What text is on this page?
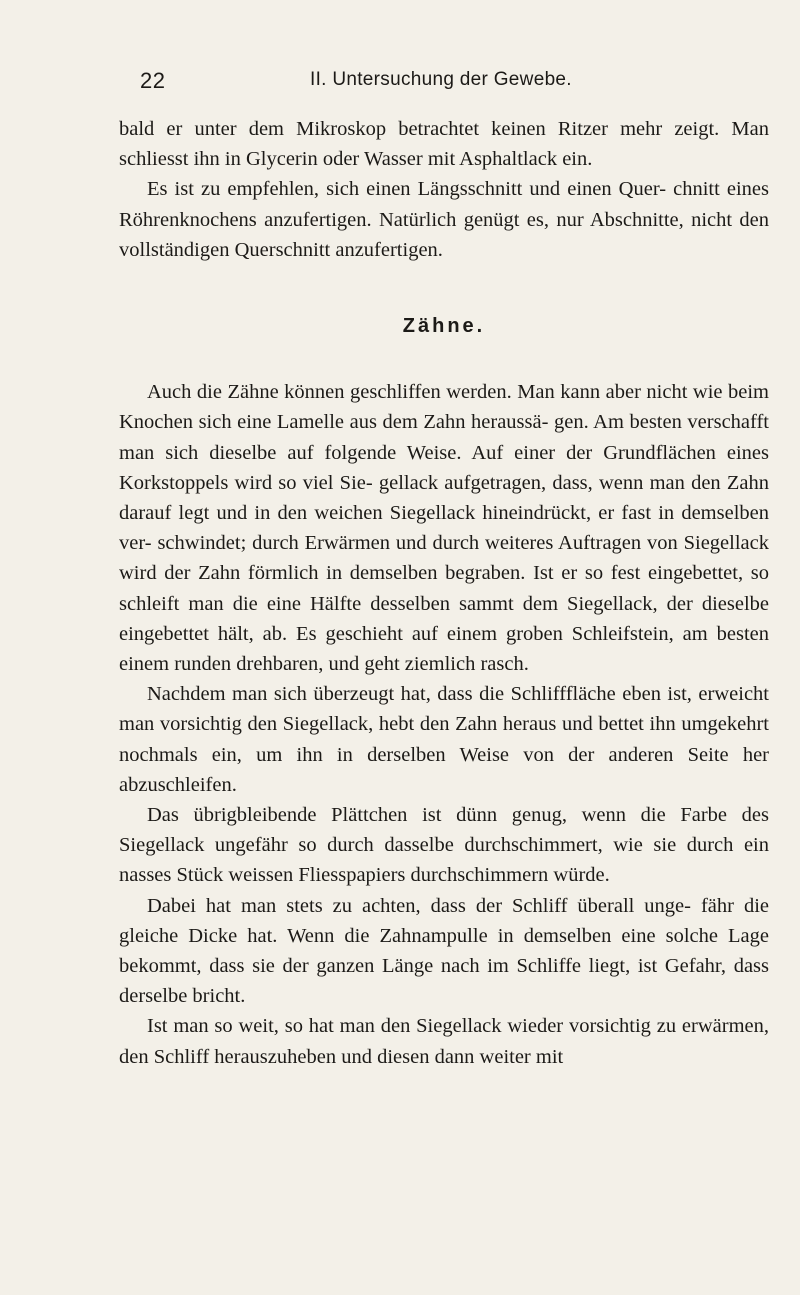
22	II. Untersuchung der Gewebe.

bald er unter dem Mikroskop betrachtet keinen Ritzer mehr zeigt. Man schliesst ihn in Glycerin oder Wasser mit Asphaltlack ein.

Es ist zu empfehlen, sich einen Längsschnitt und einen Quer- chnitt eines Röhrenknochens anzufertigen. Natürlich genügt es, nur Abschnitte, nicht den vollständigen Querschnitt anzufertigen.

Zähne.

Auch die Zähne können geschliffen werden. Man kann aber nicht wie beim Knochen sich eine Lamelle aus dem Zahn heraussä- gen. Am besten verschafft man sich dieselbe auf folgende Weise. Auf einer der Grundflächen eines Korkstoppels wird so viel Sie- gellack aufgetragen, dass, wenn man den Zahn darauf legt und in den weichen Siegellack hineindrückt, er fast in demselben ver- schwindet; durch Erwärmen und durch weiteres Auftragen von Siegellack wird der Zahn förmlich in demselben begraben. Ist er so fest eingebettet, so schleift man die eine Hälfte desselben sammt dem Siegellack, der dieselbe eingebettet hält, ab. Es geschieht auf einem groben Schleifstein, am besten einem runden drehbaren, und geht ziemlich rasch.

Nachdem man sich überzeugt hat, dass die Schlifffläche eben ist, erweicht man vorsichtig den Siegellack, hebt den Zahn heraus und bettet ihn umgekehrt nochmals ein, um ihn in derselben Weise von der anderen Seite her abzuschleifen.

Das übrigbleibende Plättchen ist dünn genug, wenn die Farbe des Siegellack ungefähr so durch dasselbe durchschimmert, wie sie durch ein nasses Stück weissen Fliesspapiers durchschimmern würde.

Dabei hat man stets zu achten, dass der Schliff überall unge- fähr die gleiche Dicke hat. Wenn die Zahnampulle in demselben eine solche Lage bekommt, dass sie der ganzen Länge nach im Schliffe liegt, ist Gefahr, dass derselbe bricht.

Ist man so weit, so hat man den Siegellack wieder vorsichtig zu erwärmen, den Schliff herauszuheben und diesen dann weiter mit
